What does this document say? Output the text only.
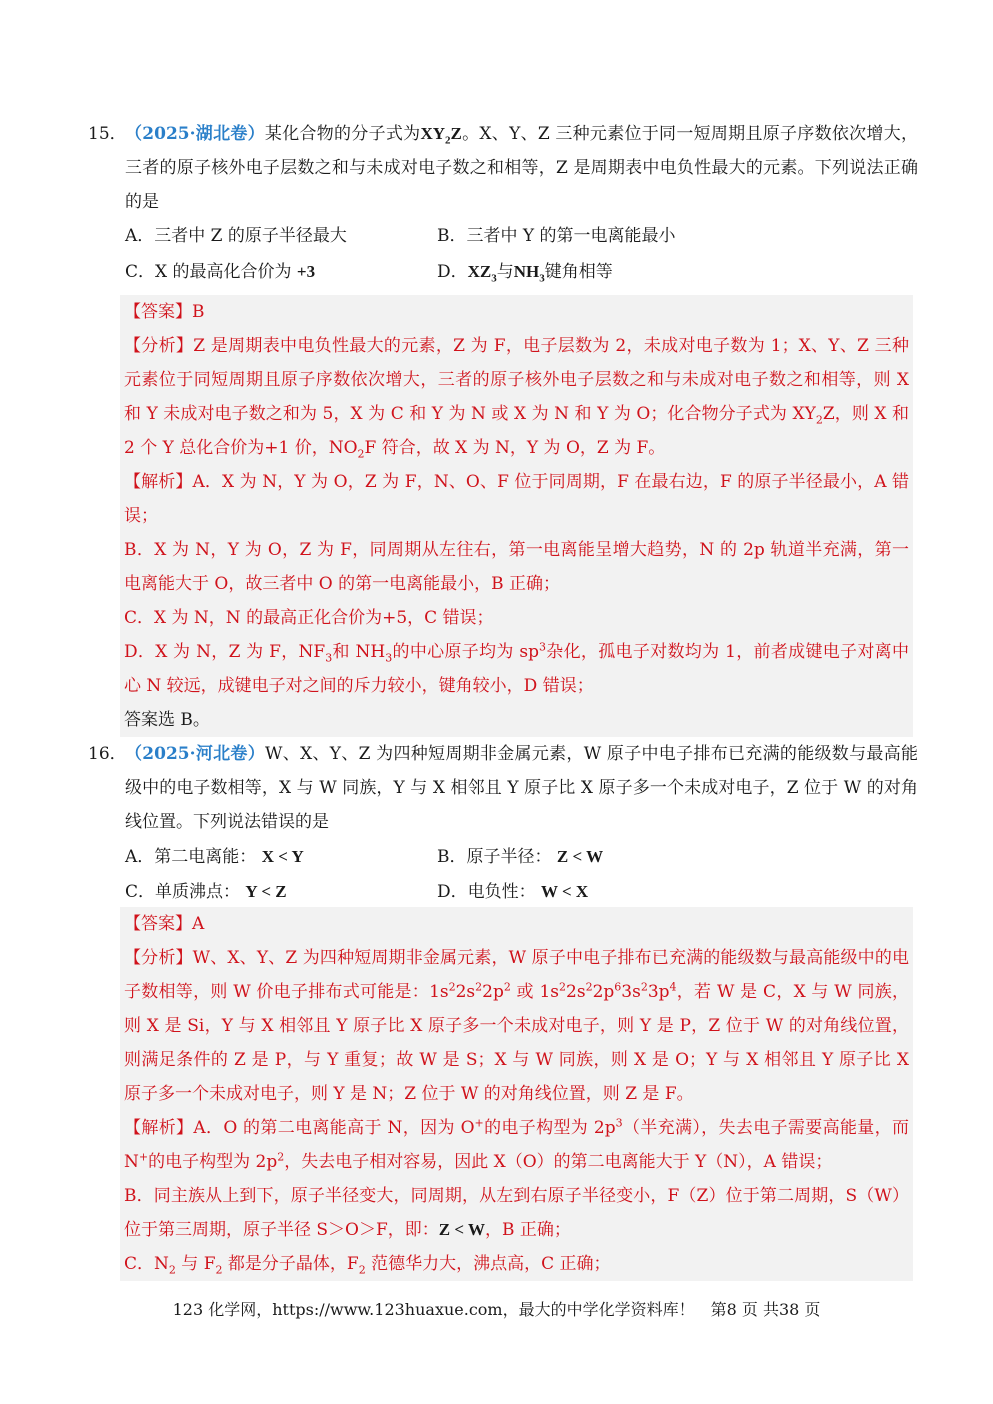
15．
（2025·湖北卷）某化合物的分子式为$XY_2Z$。X、Y、Z 三种元素位于同一短周期且原子序数依次增大，三者的原子核外电子层数之和与未成对电子数之和相等，Z 是周期表中电负性最大的元素。下列说法正确的是
A．三者中 Z 的原子半径最大	B．三者中 Y 的第一电离能最小
C．X 的最高化合价为 +3	D．$XZ_3$与$NH_3$键角相等

【答案】B

【分析】Z 是周期表中电负性最大的元素，Z 为 F，电子层数为 2，未成对电子数为 1；X、Y、Z 三种元素位于同短周期且原子序数依次增大，三者的原子核外电子层数之和与未成对电子数之和相等，则 X 和 Y 未成对电子数之和为 5，X 为 C 和 Y 为 N 或 X 为 N 和 Y 为 O；化合物分子式为 $XY_2Z$，则 X 和 2 个 Y 总化合价为+1 价，$NO_2F$ 符合，故 X 为 N，Y 为 O，Z 为 F。

【解析】A．X 为 N，Y 为 O，Z 为 F，N、O、F 位于同周期，F 在最右边，F 的原子半径最小，A 错误；

B．X 为 N，Y 为 O，Z 为 F，同周期从左往右，第一电离能呈增大趋势，N 的 2p 轨道半充满，第一电离能大于 O，故三者中 O 的第一电离能最小，B 正确；

C．X 为 N，N 的最高正化合价为+5，C 错误；

D．X 为 N，Z 为 F，$NF_3$和 $NH_3$的中心原子均为 $sp^3$杂化，孤电子对数均为 1，前者成键电子对离中心 N 较远，成键电子对之间的斥力较小，键角较小，D 错误；

答案选 B。

16．
（2025·河北卷）W、X、Y、Z 为四种短周期非金属元素，W 原子中电子排布已充满的能级数与最高能级中的电子数相等，X 与 W 同族，Y 与 X 相邻且 Y 原子比 X 原子多一个未成对电子，Z 位于 W 的对角线位置。下列说法错误的是
A．第二电离能： X < Y	B．原子半径： Z < W
C．单质沸点： Y < Z	D．电负性： W < X

【答案】A

【分析】W、X、Y、Z 为四种短周期非金属元素，W 原子中电子排布已充满的能级数与最高能级中的电子数相等，则 W 价电子排布式可能是：$1s^22s^22p^2$ 或 $1s^22s^22p^63s^23p^4$，若 W 是 C，X 与 W 同族，则 X 是 Si，Y 与 X 相邻且 Y 原子比 X 原子多一个未成对电子，则 Y 是 P，Z 位于 W 的对角线位置，则满足条件的 Z 是 P，与 Y 重复；故 W 是 S；X 与 W 同族，则 X 是 O；Y 与 X 相邻且 Y 原子比 X 原子多一个未成对电子，则 Y 是 N；Z 位于 W 的对角线位置，则 Z 是 F。

【解析】A．O 的第二电离能高于 N，因为 O+的电子构型为 $2p^3$（半充满），失去电子需要高能量，而 N+的电子构型为 $2p^2$，失去电子相对容易，因此 X（O）的第二电离能大于 Y（N），A 错误；

B．同主族从上到下，原子半径变大，同周期，从左到右原子半径变小，F（Z）位于第二周期，S（W）位于第三周期，原子半径 S＞O＞F，即：Z < W，B 正确；

C．$N_2$ 与 $F_2$ 都是分子晶体，$F_2$ 范德华力大，沸点高，C 正确；

123 化学网，https://www.123huaxue.com，最大的中学化学资料库！　第8 页 共38 页
